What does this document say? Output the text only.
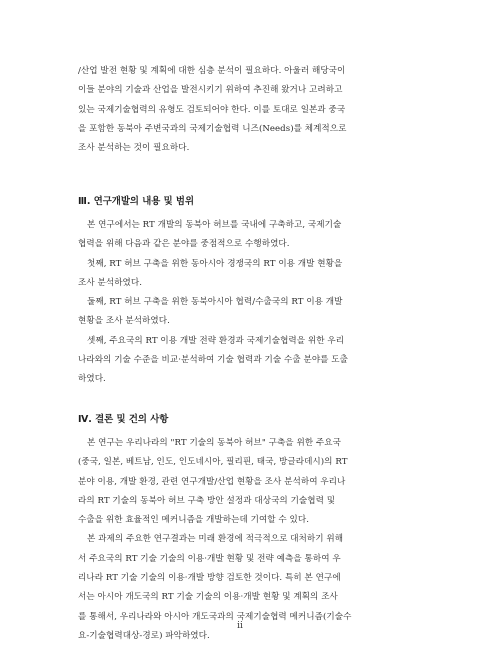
/산업 발전 현황 및 계획에 대한 심층 분석이 필요하다. 아울러 해당국이

이들 분야의 기술과 산업을 발전시키기 위하여 추진해 왔거나 고려하고

있는 국제기술협력의 유형도 검토되어야 한다. 이를 토대로 일본과 중국

을 포함한 동북아 주변국과의 국제기술협력 니즈(Needs)를 체계적으로

조사 분석하는 것이 필요하다.

Ⅲ. 연구개발의 내용 및 범위

본 연구에서는 RT 개발의 동북아 허브를 국내에 구축하고, 국제기술

협력을 위해 다음과 같은 분야를 중점적으로 수행하였다.

첫째, RT 허브 구축을 위한 동아시아 경쟁국의 RT 이용 개발 현황을

조사 분석하였다.

둘째, RT 허브 구축을 위한 동북아시아 협력/수출국의 RT 이용 개발

현황을 조사 분석하였다.

셋째, 주요국의 RT 이용 개발 전략 환경과 국제기술협력을 위한 우리

나라와의 기술 수준을 비교·분석하여 기술 협력과 기술 수출 분야를 도출

하였다.

Ⅳ. 결론 및 건의 사항

본 연구는 우리나라의 "RT 기술의 동북아 허브" 구축을 위한 주요국

(중국, 일본, 베트남, 인도, 인도네시아, 필리핀, 태국, 방글라데시)의 RT

분야 이용, 개발 환경, 관련 연구개발/산업 현황을 조사 분석하여 우리나

라의 RT 기술의 동북아 허브 구축 방안 설정과 대상국의 기술협력 및

수출을 위한 효율적인 메커니즘을 개발하는데 기여할 수 있다.

본 과제의 주요한 연구결과는 미래 환경에 적극적으로 대처하기 위해

서 주요국의 RT 기술 기술의 이용·개발 현황 및 전략 예측을 통하여 우

리나라 RT 기술 기술의 이용·개발 방향 검토한 것이다. 특히 본 연구에

서는 아시아 개도국의 RT 기술 기술의 이용·개발 현황 및 계획의 조사

를 통해서, 우리나라와 아시아 개도국과의 국제기술협력 메커니즘(기술수

요-기술협력대상-경로) 파악하였다.

ii
